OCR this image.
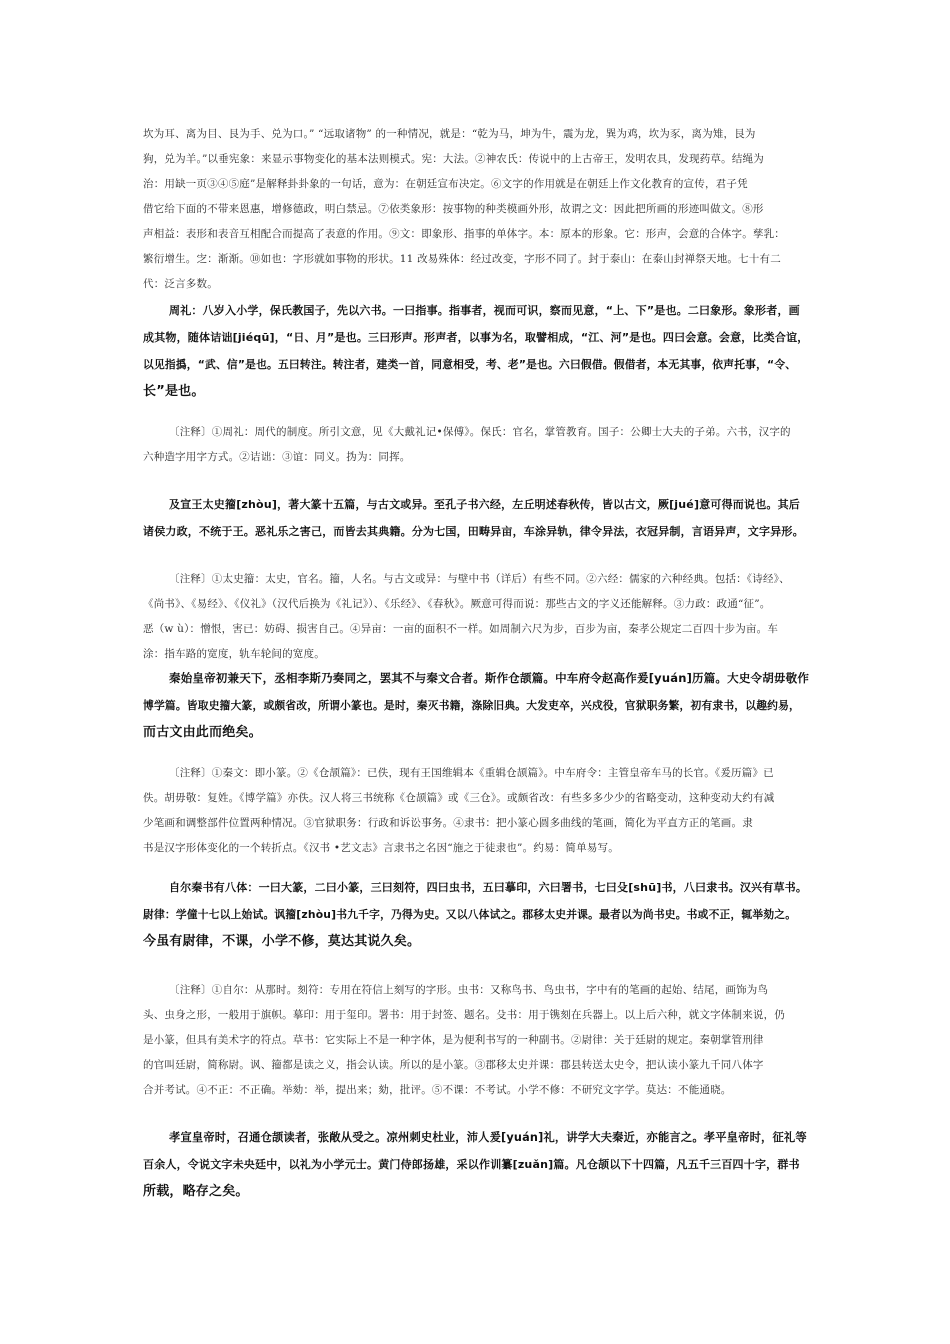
坎为耳、离为目、艮为手、兑为口。” “远取诸物” 的一种情况，就是：“乾为马，坤为牛，震为龙，巽为鸡，坎为豕，离为雉，艮为
狗，兑为羊。”以垂宪象：来显示事物变化的基本法则模式。宪：大法。②神农氏：传说中的上古帝王，发明农具，发现药草。结绳为
治：用缺一页③④⑤庭”是解释卦卦象的一句话，意为：在朝廷宣布决定。⑥文字的作用就是在朝廷上作文化教育的宣传，君子凭
借它给下面的不带来恩惠，增修德政，明白禁忌。⑦依类象形：按事物的种类模画外形，故谓之文：因此把所画的形迹叫做文。⑧形
声相益：表形和表音互相配合而提高了表意的作用。⑨文：即象形、指事的单体字。本：原本的形象。它：形声，会意的合体字。孳乳：
繁衍增生。㝎：渐渐。⑩如也：字形就如事物的形状。11 改易殊体：经过改变，字形不同了。封于泰山：在泰山封禅祭天地。七十有二
代：泛言多数。
周礼：八岁入小学，保氏教国子，先以六书。一曰指事。指事者，视而可识，察而见意，“上、下”是也。二曰象形。象形者，画
成其物，随体诘诎[jiéqū]，“日、月”是也。三曰形声。形声者，以事为名，取譬相成，“江、河”是也。四曰会意。会意，比类合谊，
以见指撝，“武、信”是也。五曰转注。转注者，建类一首，同意相受，考、老”是也。六曰假借。假借者，本无其事，依声托事，“令、
长”是也。
〔注释〕①周礼：周代的制度。所引文意，见《大戴礼记•保傅》。保氏：官名，掌管教育。国子：公卿士大夫的子弟。六书，汉字的
六种造字用字方式。②诘诎：③谊：同义。㧑为：同挥。
及宣王太史籀[zhòu]，著大篆十五篇，与古文或异。至孔子书六经，左丘明述春秋传，皆以古文，厥[jué]意可得而说也。其后
诸侯力政，不统于王。恶礼乐之害己，而皆去其典籍。分为七国，田畴异亩，车涂异轨，律令异法，衣冠异制，言语异声，文字异形。
〔注释〕①太史籀：太史，官名。籀，人名。与古文或异：与壁中书（详后）有些不同。②六经：儒家的六种经典。包括：《诗经》、
《尚书》、《易经》、《仪礼》（汉代后换为《礼记》）、《乐经》、《春秋》。厥意可得而说：那些古文的字义还能解释。③力政：政通“征”。
恶（w ù）：憎恨，害已：妨碍、损害自己。④异亩：一亩的面积不一样。如周制六尺为步，百步为亩，秦孝公规定二百四十步为亩。车
涂：指车路的宽度，轨车轮间的宽度。
秦始皇帝初兼天下，丞相李斯乃奏同之，罢其不与秦文合者。斯作仓颉篇。中车府令赵高作爰[yuán]历篇。大史令胡毋敬作
博学篇。皆取史籀大篆，或颇省改，所谓小篆也。是时，秦灭书籍，涤除旧典。大发吏卒，兴戍役，官狱职务繁，初有隶书，以趣约易，
而古文由此而绝矣。
〔注释〕①秦文：即小篆。②《仓颉篇》：已佚，现有王国维辑本《重辑仓颉篇》。中车府令：主管皇帝车马的长官。《爰历篇》已
佚。胡毋敬：复姓。《博学篇》亦佚。汉人将三书统称《仓颉篇》或《三仓》。或颇省改：有些多多少少的省略变动，这种变动大约有减
少笔画和调整部件位置两种情况。③官狱职务：行政和诉讼事务。④隶书：把小篆心圆多曲线的笔画，简化为平直方正的笔画。隶
书是汉字形体变化的一个转折点。《汉书 •艺文志》言隶书之名因“施之于徒隶也”。约易：简单易写。
自尔秦书有八体：一曰大篆，二曰小篆，三曰刻符，四曰虫书，五曰摹印，六曰署书，七曰殳[shū]书，八曰隶书。汉兴有草书。
尉律：学僮十七以上始试。讽籀[zhòu]书九千字，乃得为史。又以八体试之。郡移太史并课。最者以为尚书史。书或不正，辄举劾之。
今虽有尉律，不课，小学不修，莫达其说久矣。
〔注释〕①自尔：从那时。刻符：专用在符信上刻写的字形。虫书：又称鸟书、鸟虫书，字中有的笔画的起始、结尾，画饰为鸟
头、虫身之形，一般用于旗帜。摹印：用于玺印。署书：用于封签、题名。殳书：用于镌刻在兵器上。以上后六种，就文字体制来说，仍
是小篆，但具有美术字的符点。草书：它实际上不是一种字体，是为便利书写的一种副书。②尉律：关于廷尉的规定。秦朝掌管刑律
的官叫廷尉，简称尉。讽、籀都是读之义，指会认读。所以的是小篆。③郡移太史并课：郡县转送太史令，把认读小篆九千同八体字
合并考试。④不正：不正确。举劾：举，提出来；劾，批评。⑤不课：不考试。小学不修：不研究文字学。莫达：不能通晓。
孝宣皇帝时，召通仓颉读者，张敞从受之。凉州刺史杜业，沛人爰[yuán]礼，讲学大夫秦近，亦能言之。孝平皇帝时，征礼等
百余人，令说文字未央廷中，以礼为小学元士。黄门侍郎扬雄，采以作训纂[zuǎn]篇。凡仓颉以下十四篇，凡五千三百四十字，群书
所载，略存之矣。
